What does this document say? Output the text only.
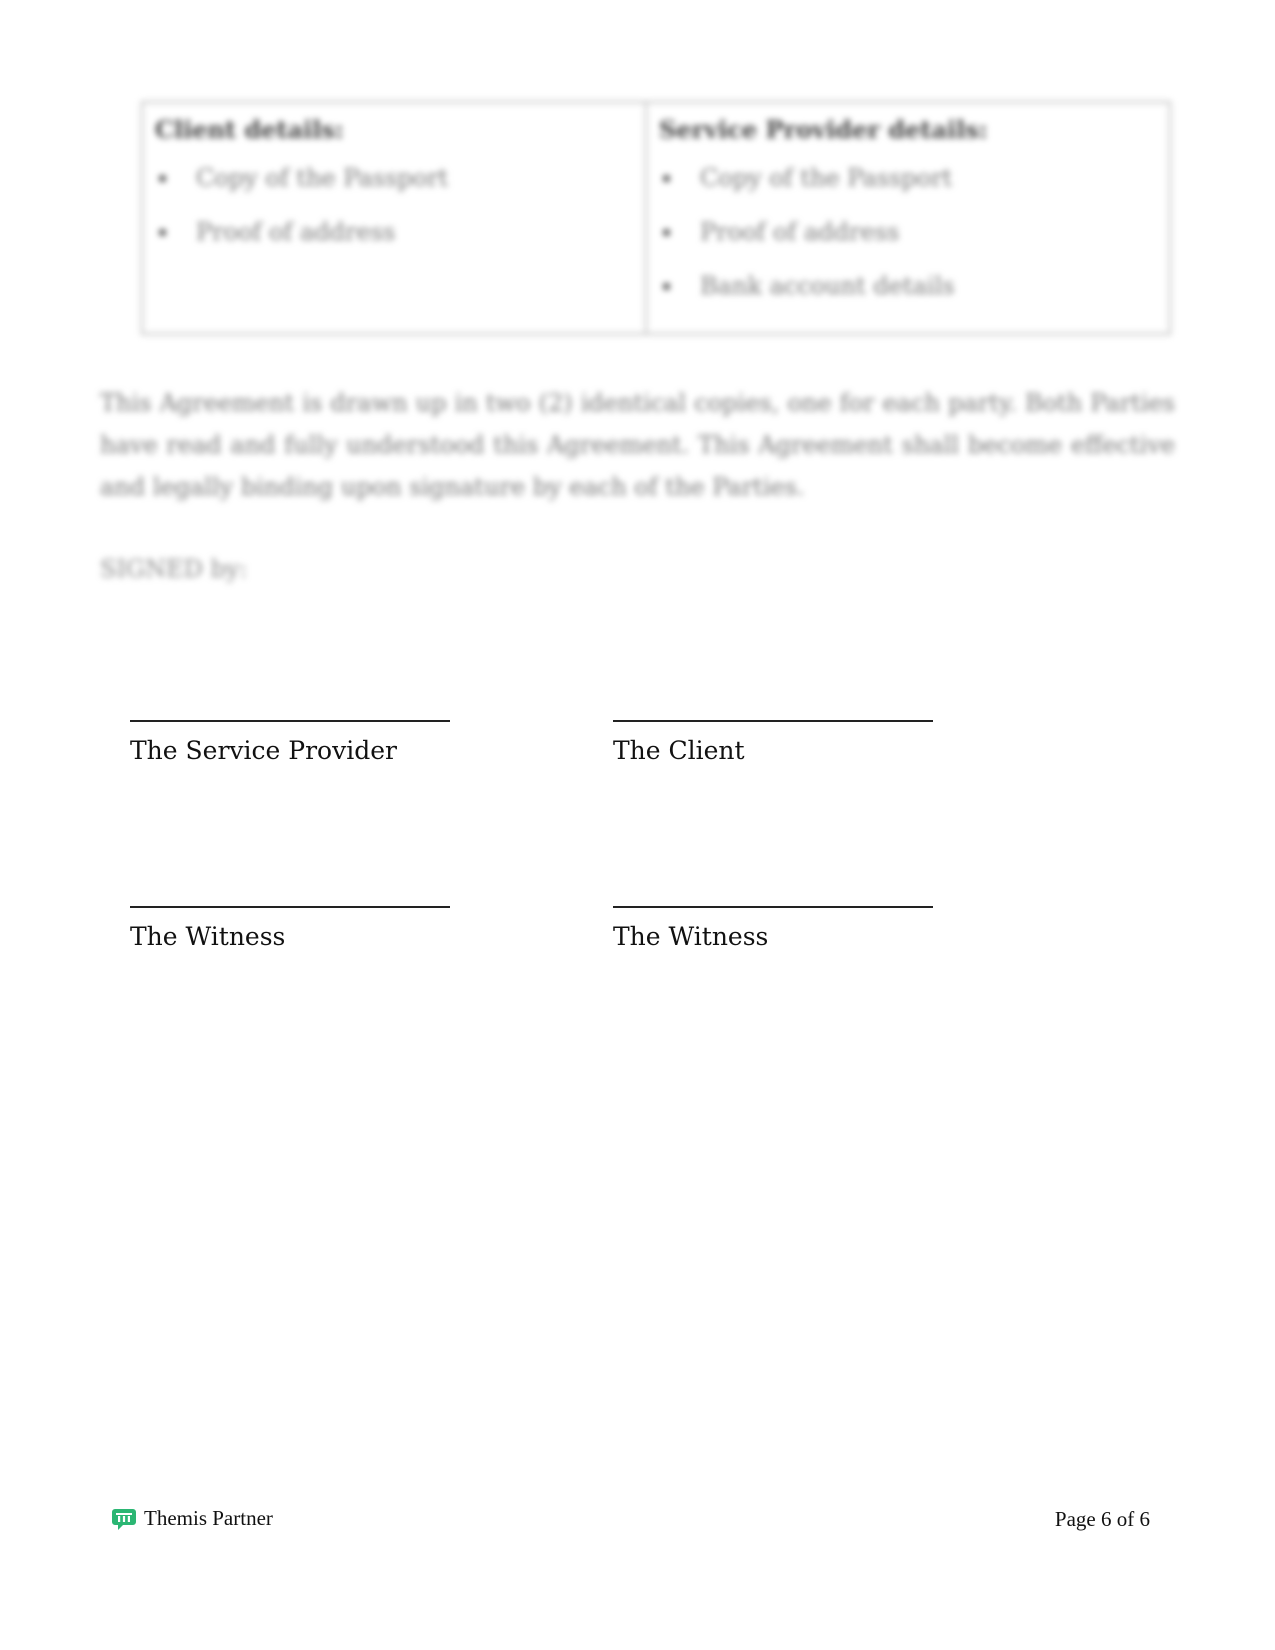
Client details:

Copy of the Passport
Proof of address

Service Provider details:

Copy of the Passport
Proof of address
Bank account details

This Agreement is drawn up in two (2) identical copies, one for each party. Both Parties have read and fully understood this Agreement. This Agreement shall become effective and legally binding upon signature by each of the Parties.

SIGNED by:

The Service Provider	The Client
The Witness	The Witness
Themis Partner	Page 6 of 6
